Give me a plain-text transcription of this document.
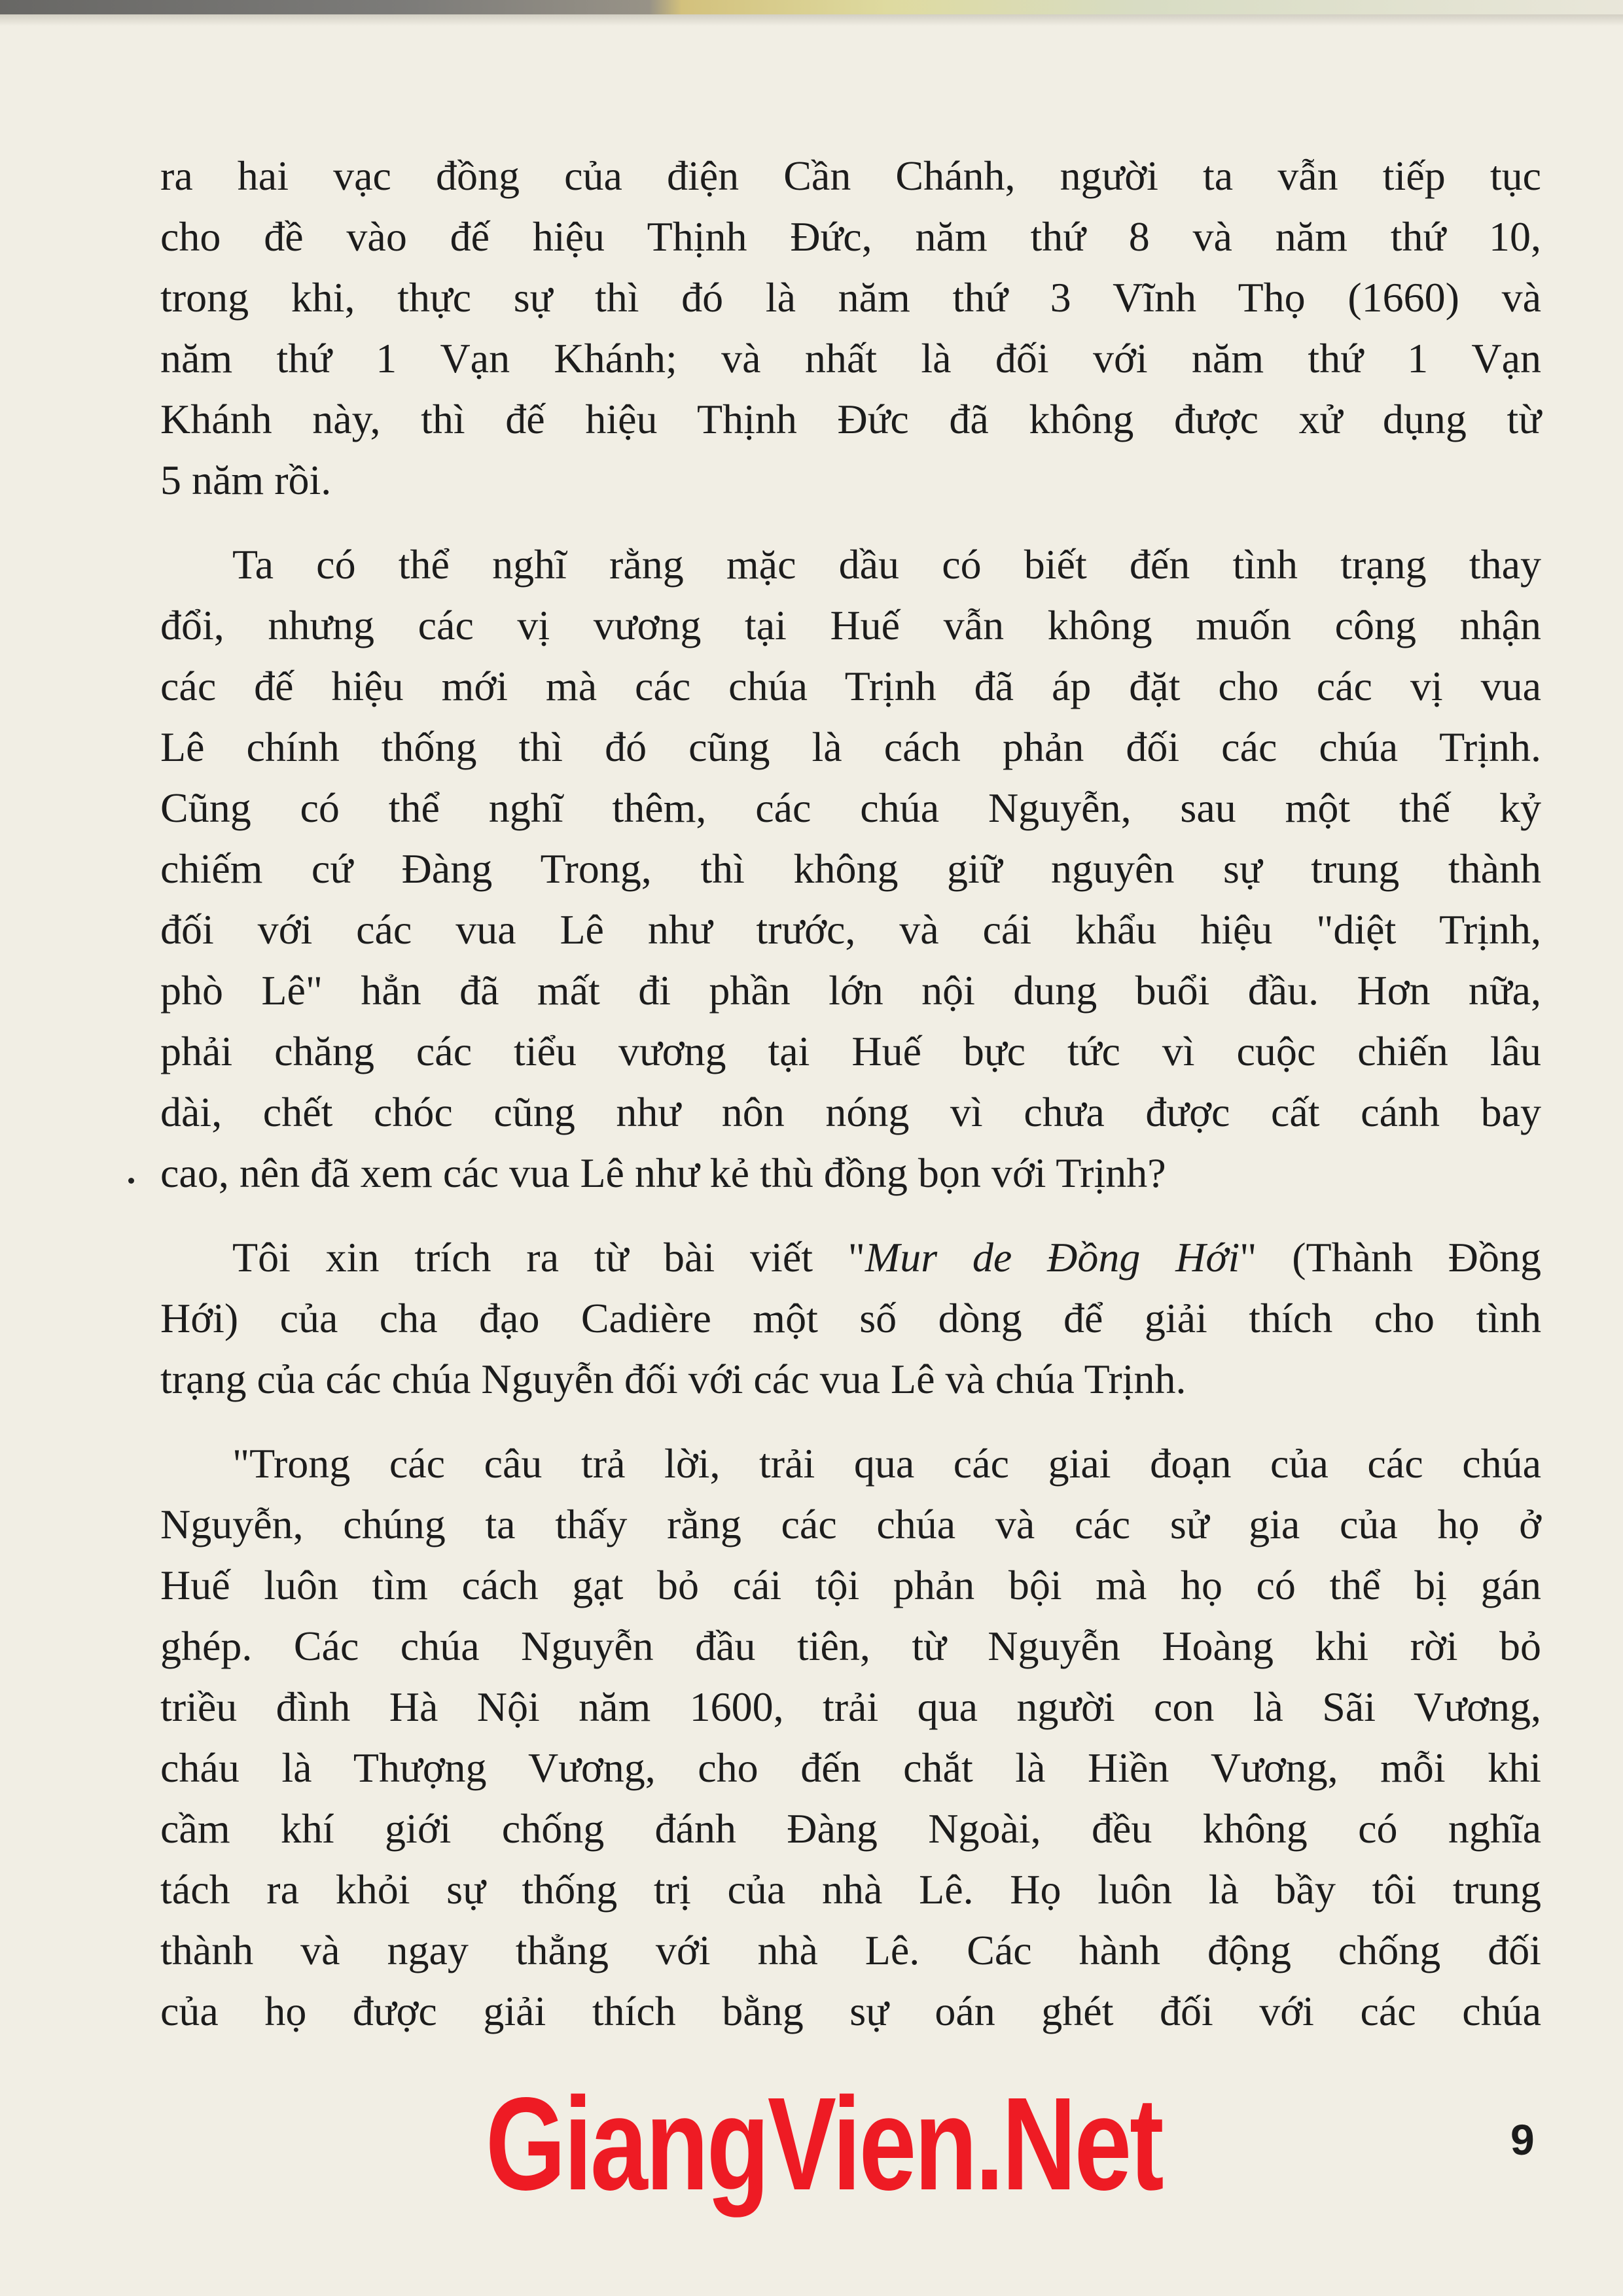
ra hai vạc đồng của điện Cần Chánh, người ta vẫn tiếp tục
cho đề vào đế hiệu Thịnh Đức, năm thứ 8 và năm thứ 10,
trong khi, thực sự thì đó là năm thứ 3 Vĩnh Thọ (1660) và
năm thứ 1 Vạn Khánh; và nhất là đối với năm thứ 1 Vạn
Khánh này, thì đế hiệu Thịnh Đức đã không được xử dụng từ
5 năm rồi.

Ta có thể nghĩ rằng mặc dầu có biết đến tình trạng thay
đổi, nhưng các vị vương tại Huế vẫn không muốn công nhận
các đế hiệu mới mà các chúa Trịnh đã áp đặt cho các vị vua
Lê chính thống thì đó cũng là cách phản đối các chúa Trịnh.
Cũng có thể nghĩ thêm, các chúa Nguyễn, sau một thế kỷ
chiếm cứ Đàng Trong, thì không giữ nguyên sự trung thành
đối với các vua Lê như trước, và cái khẩu hiệu "diệt Trịnh,
phò Lê" hẳn đã mất đi phần lớn nội dung buổi đầu. Hơn nữa,
phải chăng các tiểu vương tại Huế bực tức vì cuộc chiến lâu
dài, chết chóc cũng như nôn nóng vì chưa được cất cánh bay
cao, nên đã xem các vua Lê như kẻ thù đồng bọn với Trịnh?

Tôi xin trích ra từ bài viết "Mur de Đồng Hới" (Thành Đồng
Hới) của cha đạo Cadière một số dòng để giải thích cho tình
trạng của các chúa Nguyễn đối với các vua Lê và chúa Trịnh.

"Trong các câu trả lời, trải qua các giai đoạn của các chúa
Nguyễn, chúng ta thấy rằng các chúa và các sử gia của họ ở
Huế luôn tìm cách gạt bỏ cái tội phản bội mà họ có thể bị gán
ghép. Các chúa Nguyễn đầu tiên, từ Nguyễn Hoàng khi rời bỏ
triều đình Hà Nội năm 1600, trải qua người con là Sãi Vương,
cháu là Thượng Vương, cho đến chắt là Hiền Vương, mỗi khi
cầm khí giới chống đánh Đàng Ngoài, đều không có nghĩa
tách ra khỏi sự thống trị của nhà Lê. Họ luôn là bầy tôi trung
thành và ngay thẳng với nhà Lê. Các hành động chống đối
của họ được giải thích bằng sự oán ghét đối với các chúa

GiangVien.Net	9
